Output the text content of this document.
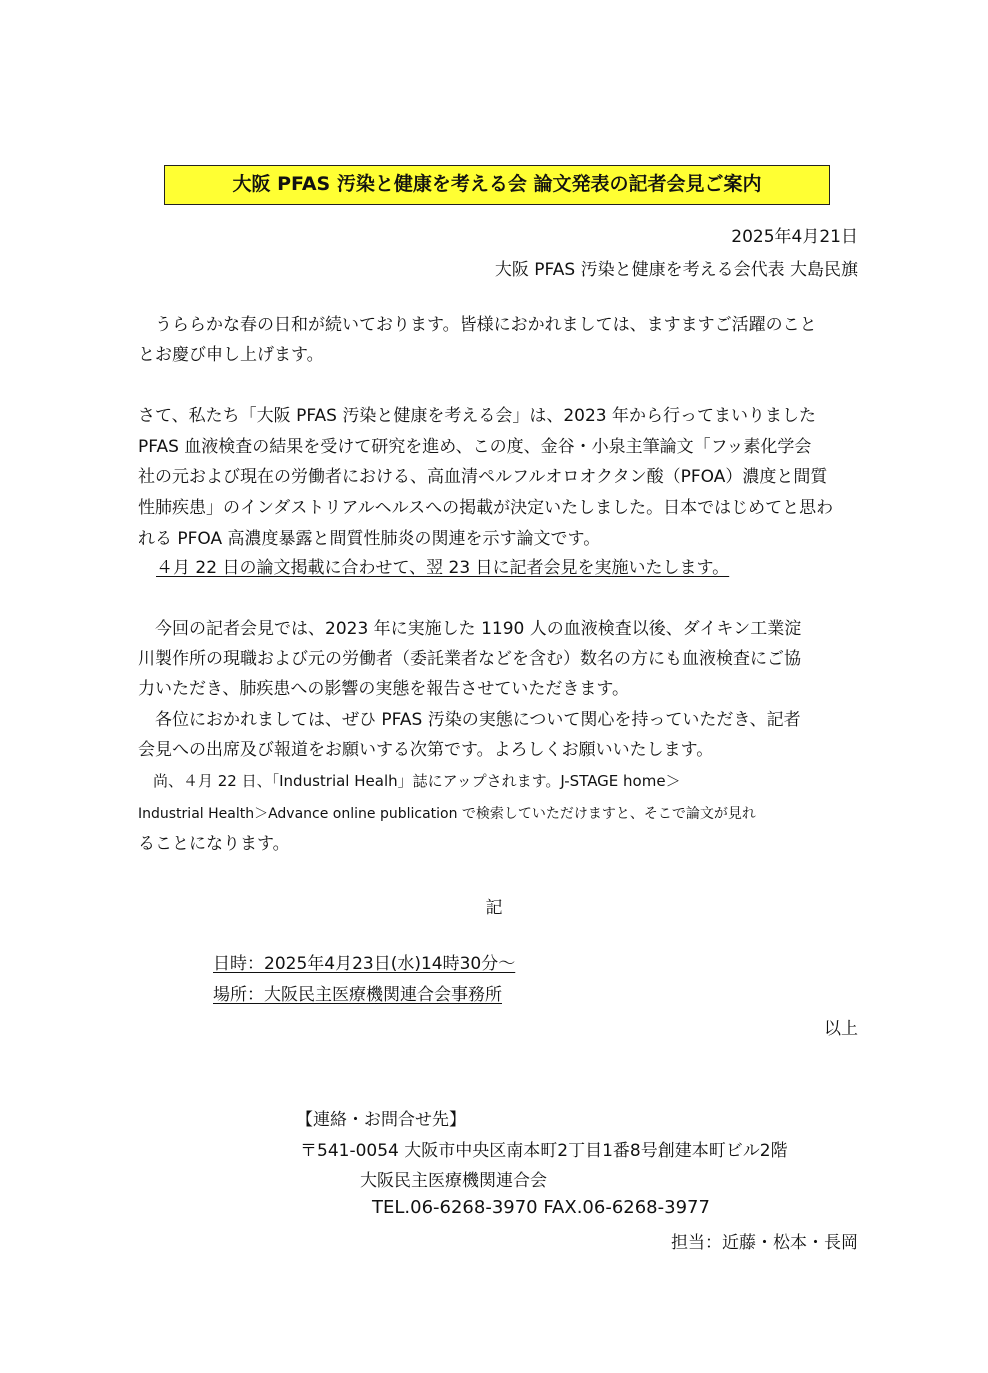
大阪 PFAS 汚染と健康を考える会 論文発表の記者会見ご案内
2025年4月21日
大阪 PFAS 汚染と健康を考える会代表 大島民旗
　うららかな春の日和が続いております。皆様におかれましては、ますますご活躍のこと
とお慶び申し上げます。
さて、私たち「大阪 PFAS 汚染と健康を考える会」は、2023 年から行ってまいりました
PFAS 血液検査の結果を受けて研究を進め、この度、金谷・小泉主筆論文「フッ素化学会
社の元および現在の労働者における、高血清ペルフルオロオクタン酸（PFOA）濃度と間質
性肺疾患」のインダストリアルヘルスへの掲載が決定いたしました。日本ではじめてと思わ
れる PFOA 高濃度暴露と間質性肺炎の関連を示す論文です。
４月 22 日の論文掲載に合わせて、翌 23 日に記者会見を実施いたします。
　今回の記者会見では、2023 年に実施した 1190 人の血液検査以後、ダイキン工業淀
川製作所の現職および元の労働者（委託業者などを含む）数名の方にも血液検査にご協
力いただき、肺疾患への影響の実態を報告させていただきます。
　各位におかれましては、ぜひ PFAS 汚染の実態について関心を持っていただき、記者
会見への出席及び報道をお願いする次第です。よろしくお願いいたします。
　尚、４月 22 日、「Industrial Healh」誌にアップされます。J-STAGE home＞
Industrial Health＞Advance online publication で検索していただけますと、そこで論文が見れ
ることになります。
記
日時：2025年4月23日(水)14時30分～
場所：大阪民主医療機関連合会事務所
以上
【連絡・お問合せ先】
〒541-0054 大阪市中央区南本町2丁目1番8号創建本町ビル2階
大阪民主医療機関連合会
TEL.06-6268-3970 FAX.06-6268-3977
担当：近藤・松本・長岡
